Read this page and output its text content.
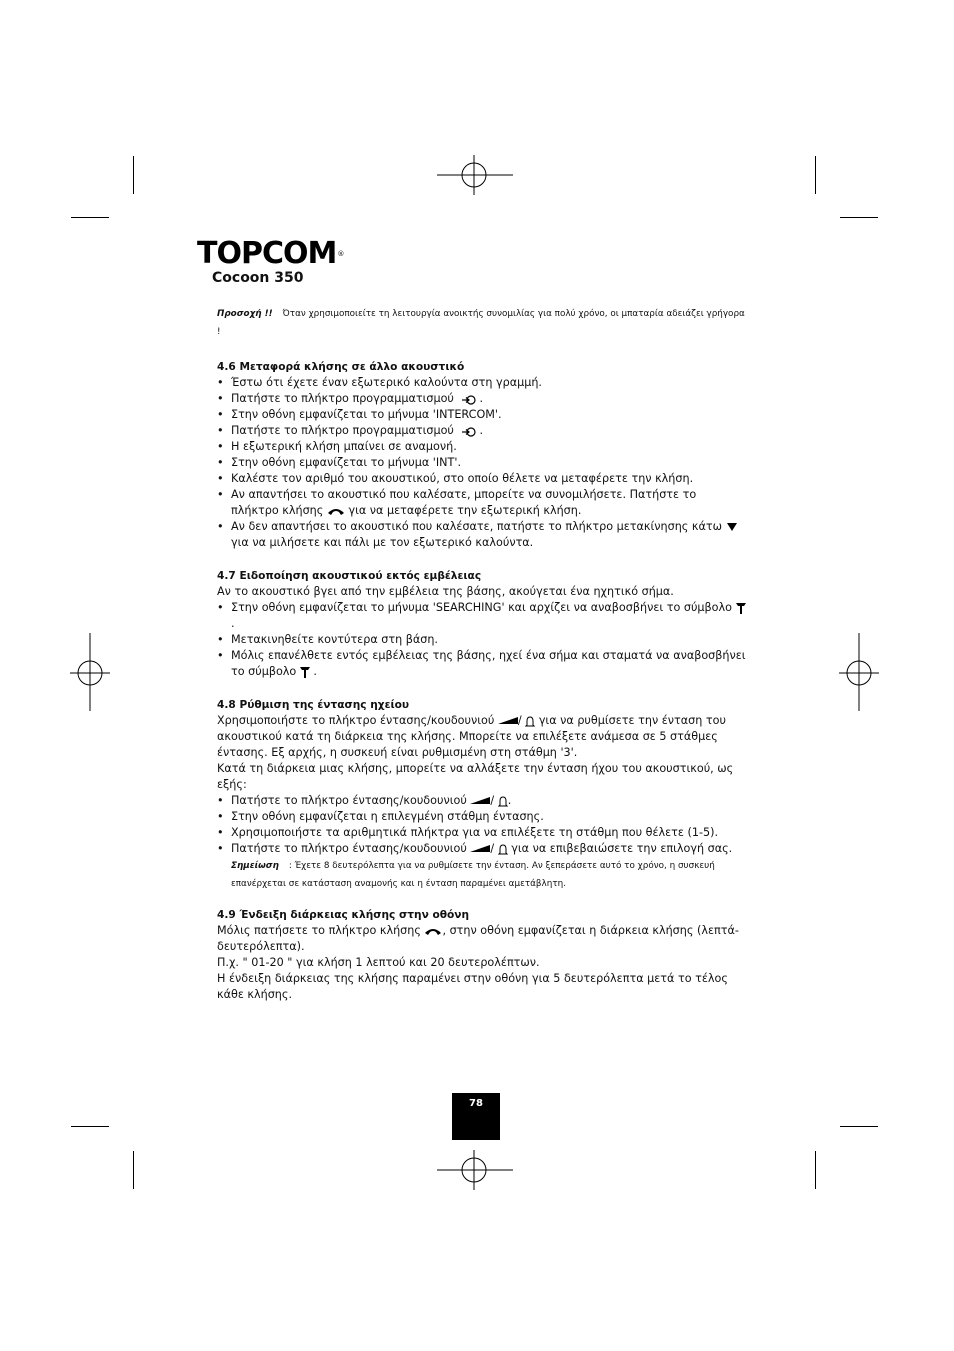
TOPCOM®
Cocoon 350

Προσοχή !! Όταν χρησιμοποιείτε τη λειτουργία ανοικτής συνομιλίας για πολύ χρόνο, οι μπαταρία αδειάζει γρήγορα !

4.6 Μεταφορά κλήσης σε άλλο ακουστικό
• Έστω ότι έχετε έναν εξωτερικό καλούντα στη γραμμή.
• Πατήστε το πλήκτρο προγραμματισμού .
• Στην οθόνη εμφανίζεται το μήνυμα 'INTERCOM'.
• Πατήστε το πλήκτρο προγραμματισμού .
• Η εξωτερική κλήση μπαίνει σε αναμονή.
• Στην οθόνη εμφανίζεται το μήνυμα 'INT'.
• Καλέστε τον αριθμό του ακουστικού, στο οποίο θέλετε να μεταφέρετε την κλήση.
• Αν απαντήσει το ακουστικό που καλέσατε, μπορείτε να συνομιλήσετε. Πατήστε το πλήκτρο κλήσης για να μεταφέρετε την εξωτερική κλήση.
• Αν δεν απαντήσει το ακουστικό που καλέσατε, πατήστε το πλήκτρο μετακίνησης κάτω  για να μιλήσετε και πάλι με τον εξωτερικό καλούντα.
4.7 Ειδοποίηση ακουστικού εκτός εμβέλειας

Αν το ακουστικό βγει από την εμβέλεια της βάσης, ακούγεται ένα ηχητικό σήμα.

• Στην οθόνη εμφανίζεται το μήνυμα 'SEARCHING' και αρχίζει να αναβοσβήνει το σύμβολο  .
• Μετακινηθείτε κοντύτερα στη βάση.
• Μόλις επανέλθετε εντός εμβέλειας της βάσης, ηχεί ένα σήμα και σταματά να αναβοσβήνει το σύμβολο  .
4.8 Ρύθμιση της έντασης ηχείου

Χρησιμοποιήστε το πλήκτρο έντασης/κουδουνιού /  για να ρυθμίσετε την ένταση του ακουστικού κατά τη διάρκεια της κλήσης. Μπορείτε να επιλέξετε ανάμεσα σε 5 στάθμες έντασης. Εξ αρχής, η συσκευή είναι ρυθμισμένη στη στάθμη '3'.

Κατά τη διάρκεια μιας κλήσης, μπορείτε να αλλάξετε την ένταση ήχου του ακουστικού, ως εξής:

• Πατήστε το πλήκτρο έντασης/κουδουνιού / .
• Στην οθόνη εμφανίζεται η επιλεγμένη στάθμη έντασης.
• Χρησιμοποιήστε τα αριθμητικά πλήκτρα για να επιλέξετε τη στάθμη που θέλετε (1-5).
• Πατήστε το πλήκτρο έντασης/κουδουνιού /  για να επιβεβαιώσετε την επιλογή σας.

Σημείωση : Έχετε 8 δευτερόλεπτα για να ρυθμίσετε την ένταση. Αν ξεπεράσετε αυτό το χρόνο, η συσκευή επανέρχεται σε κατάσταση αναμονής και η ένταση παραμένει αμετάβλητη.

4.9 Ένδειξη διάρκειας κλήσης στην οθόνη

Μόλις πατήσετε το πλήκτρο κλήσης , στην οθόνη εμφανίζεται η διάρκεια κλήσης (λεπτά-δευτερόλεπτα).

Π.χ. " 01-20 " για κλήση 1 λεπτού και 20 δευτερολέπτων.

Η ένδειξη διάρκειας της κλήσης παραμένει στην οθόνη για 5 δευτερόλεπτα μετά το τέλος κάθε κλήσης.

78
